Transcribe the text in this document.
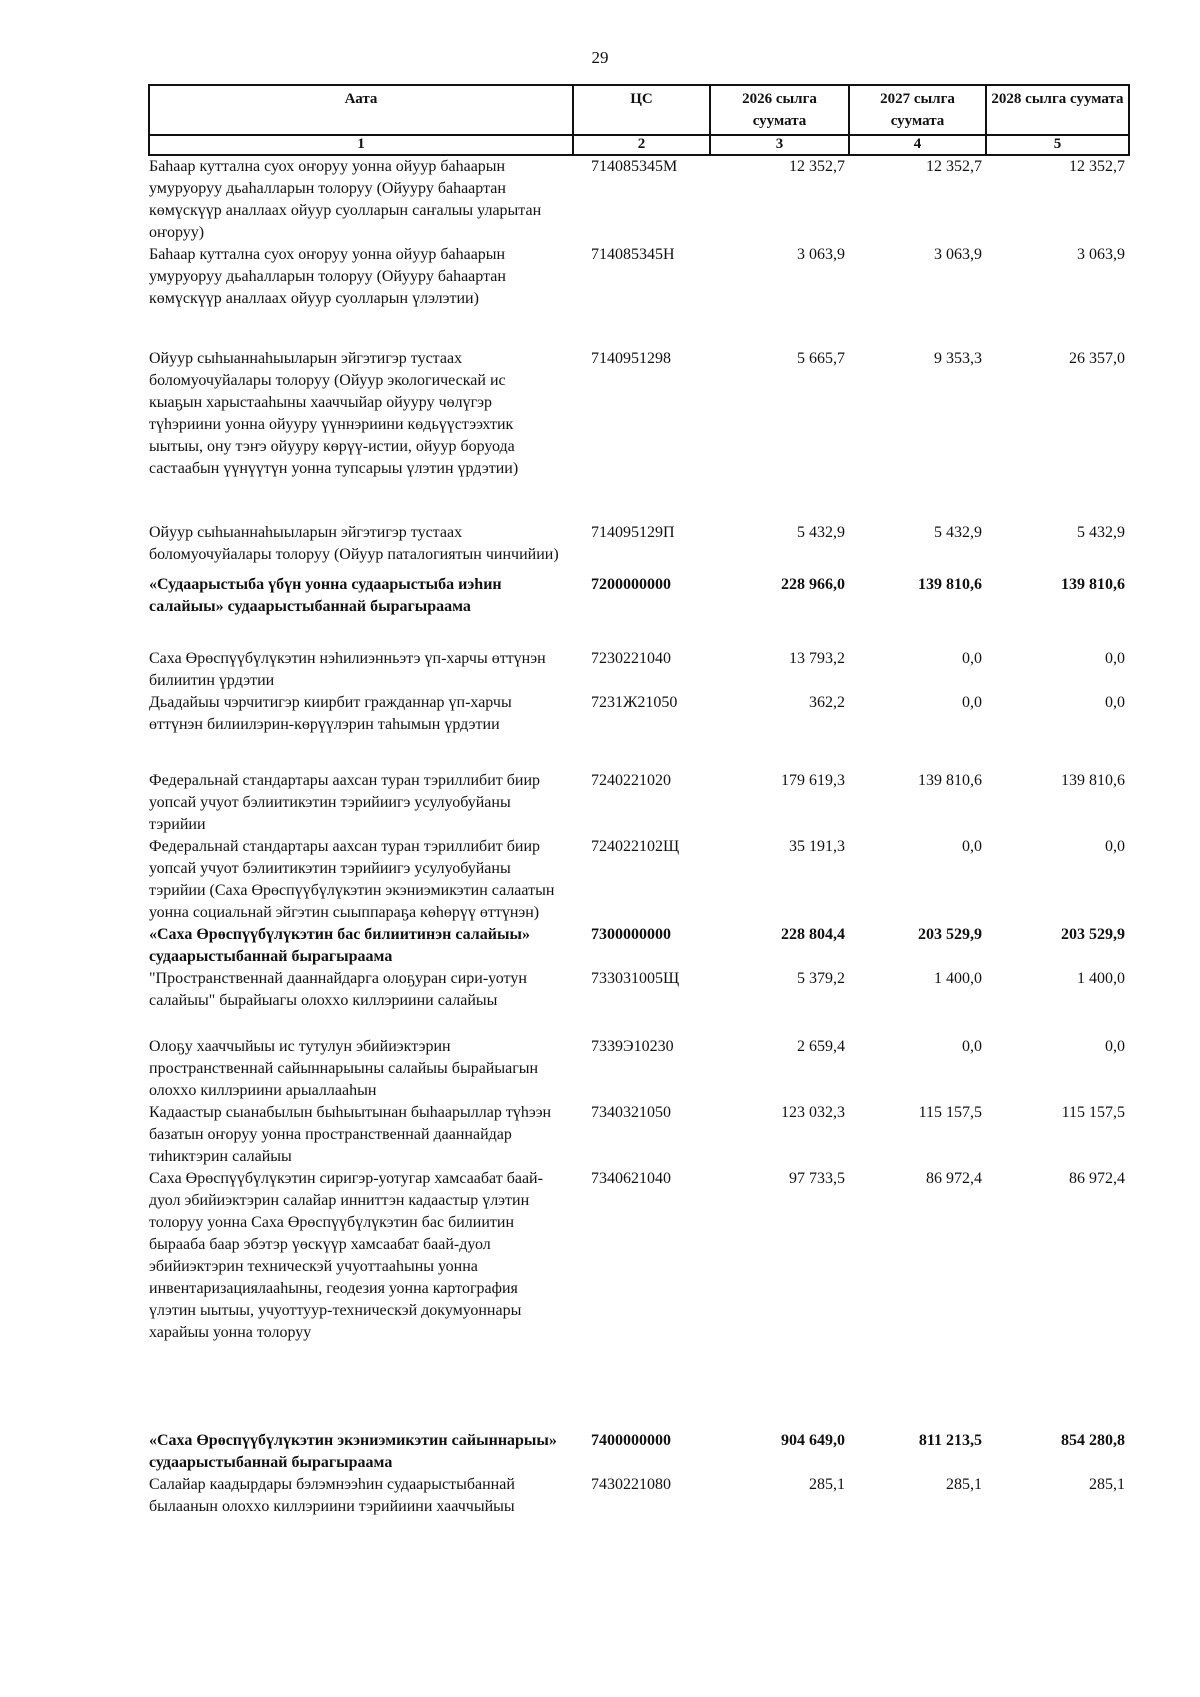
29
Аата	ЦС	2026 сылга суумата	2027 сылга суумата	2028 сылга суумата
1	2	3	4	5
Баһаар куттална суох оҥоруу уонна ойуур баһаарын умуруоруу дьаһалларын толоруу (Ойууру баһаартан көмүскүүр аналлаах ойуур суолларын саҥалыы уларытан оҥоруу)	714085345М	12 352,7	12 352,7	12 352,7
Баһаар куттална суох оҥоруу уонна ойуур баһаарын умуруоруу дьаһалларын толоруу (Ойууру баһаартан көмүскүүр аналлаах ойуур суолларын үлэлэтии)	714085345Н	3 063,9	3 063,9	3 063,9
Ойуур сыһыаннаһыыларын эйгэтигэр тустаах боломуочуйалары толоруу (Ойуур экологическай ис кыаҕын харыстааһыны хааччыйар ойууру чөлүгэр түһэриини уонна ойууру үүннэриини көдьүүстээхтик ыытыы, ону тэҥэ ойууру көрүү-истии, ойуур боруода састаабын үүнүүтүн уонна тупсарыы үлэтин үрдэтии)	7140951298	5 665,7	9 353,3	26 357,0
Ойуур сыһыаннаһыыларын эйгэтигэр тустаах боломуочуйалары толоруу (Ойуур паталогиятын чинчийии)	714095129П	5 432,9	5 432,9	5 432,9
«Судаарыстыба үбүн уонна судаарыстыба иэһин салайыы» судаарыстыбаннай бырагыраама	7200000000	228 966,0	139 810,6	139 810,6
Саха Өрөспүүбүлүкэтин нэһилиэнньэтэ үп-харчы өттүнэн билиитин үрдэтии	7230221040	13 793,2	0,0	0,0
Дьадайыы чэрчитигэр киирбит гражданнар үп-харчы өттүнэн билиилэрин-көрүүлэрин таһымын үрдэтии	7231Ж21050	362,2	0,0	0,0
Федеральнай стандартары аахсан туран тэриллибит биир уопсай учуот бэлиитикэтин тэрийиигэ усулуобуйаны тэрийии	7240221020	179 619,3	139 810,6	139 810,6
Федеральнай стандартары аахсан туран тэриллибит биир уопсай учуот бэлиитикэтин тэрийиигэ усулуобуйаны тэрийии (Саха Өрөспүүбүлүкэтин экэниэмикэтин салаатын уонна социальнай эйгэтин сыыппараҕа көһөрүү өттүнэн)	724022102Щ	35 191,3	0,0	0,0
«Саха Өрөспүүбүлүкэтин бас билиитинэн салайыы» судаарыстыбаннай бырагыраама	7300000000	228 804,4	203 529,9	203 529,9
"Пространственнай дааннайдарга олоҕуран сири-уотун салайыы" бырайыагы олохxo киллэриини салайыы	733031005Щ	5 379,2	1 400,0	1 400,0
Олоҕу хааччыйыы ис тутулун эбийиэктэрин пространственнай сайыннарыыны салайыы бырайыагын олохxo киллэриини арыаллааһын	7339Э10230	2 659,4	0,0	0,0
Кадаастыр сыанабылын быһыытынан быһаарыллар түһээн базатын оҥоруу уонна пространственнай дааннайдар тиһиктэрин салайыы	7340321050	123 032,3	115 157,5	115 157,5
Саха Өрөспүүбүлүкэтин сиригэр-уотугар хамсаабат баай-дуол эбийиэктэрин салайар инниттэн кадаастыр үлэтин толоруу уонна Саха Өрөспүүбүлүкэтин бас билиитин бырааба баар эбэтэр үөскүүр хамсаабат баай-дуол эбийиэктэрин техническэй учуоттааһыны уонна инвентаризациялааһыны, геодезия уонна картография үлэтин ыытыы, учуоттуур-техническэй докумуоннары харайыы уонна толоруу	7340621040	97 733,5	86 972,4	86 972,4
«Саха Өрөспүүбүлүкэтин экэниэмикэтин сайыннарыы» судаарыстыбаннай бырагыраама	7400000000	904 649,0	811 213,5	854 280,8
Салайар каадырдары бэлэмнээһин судаарыстыбаннай былаанын олохxo киллэриини тэрийиини хааччыйыы	7430221080	285,1	285,1	285,1
